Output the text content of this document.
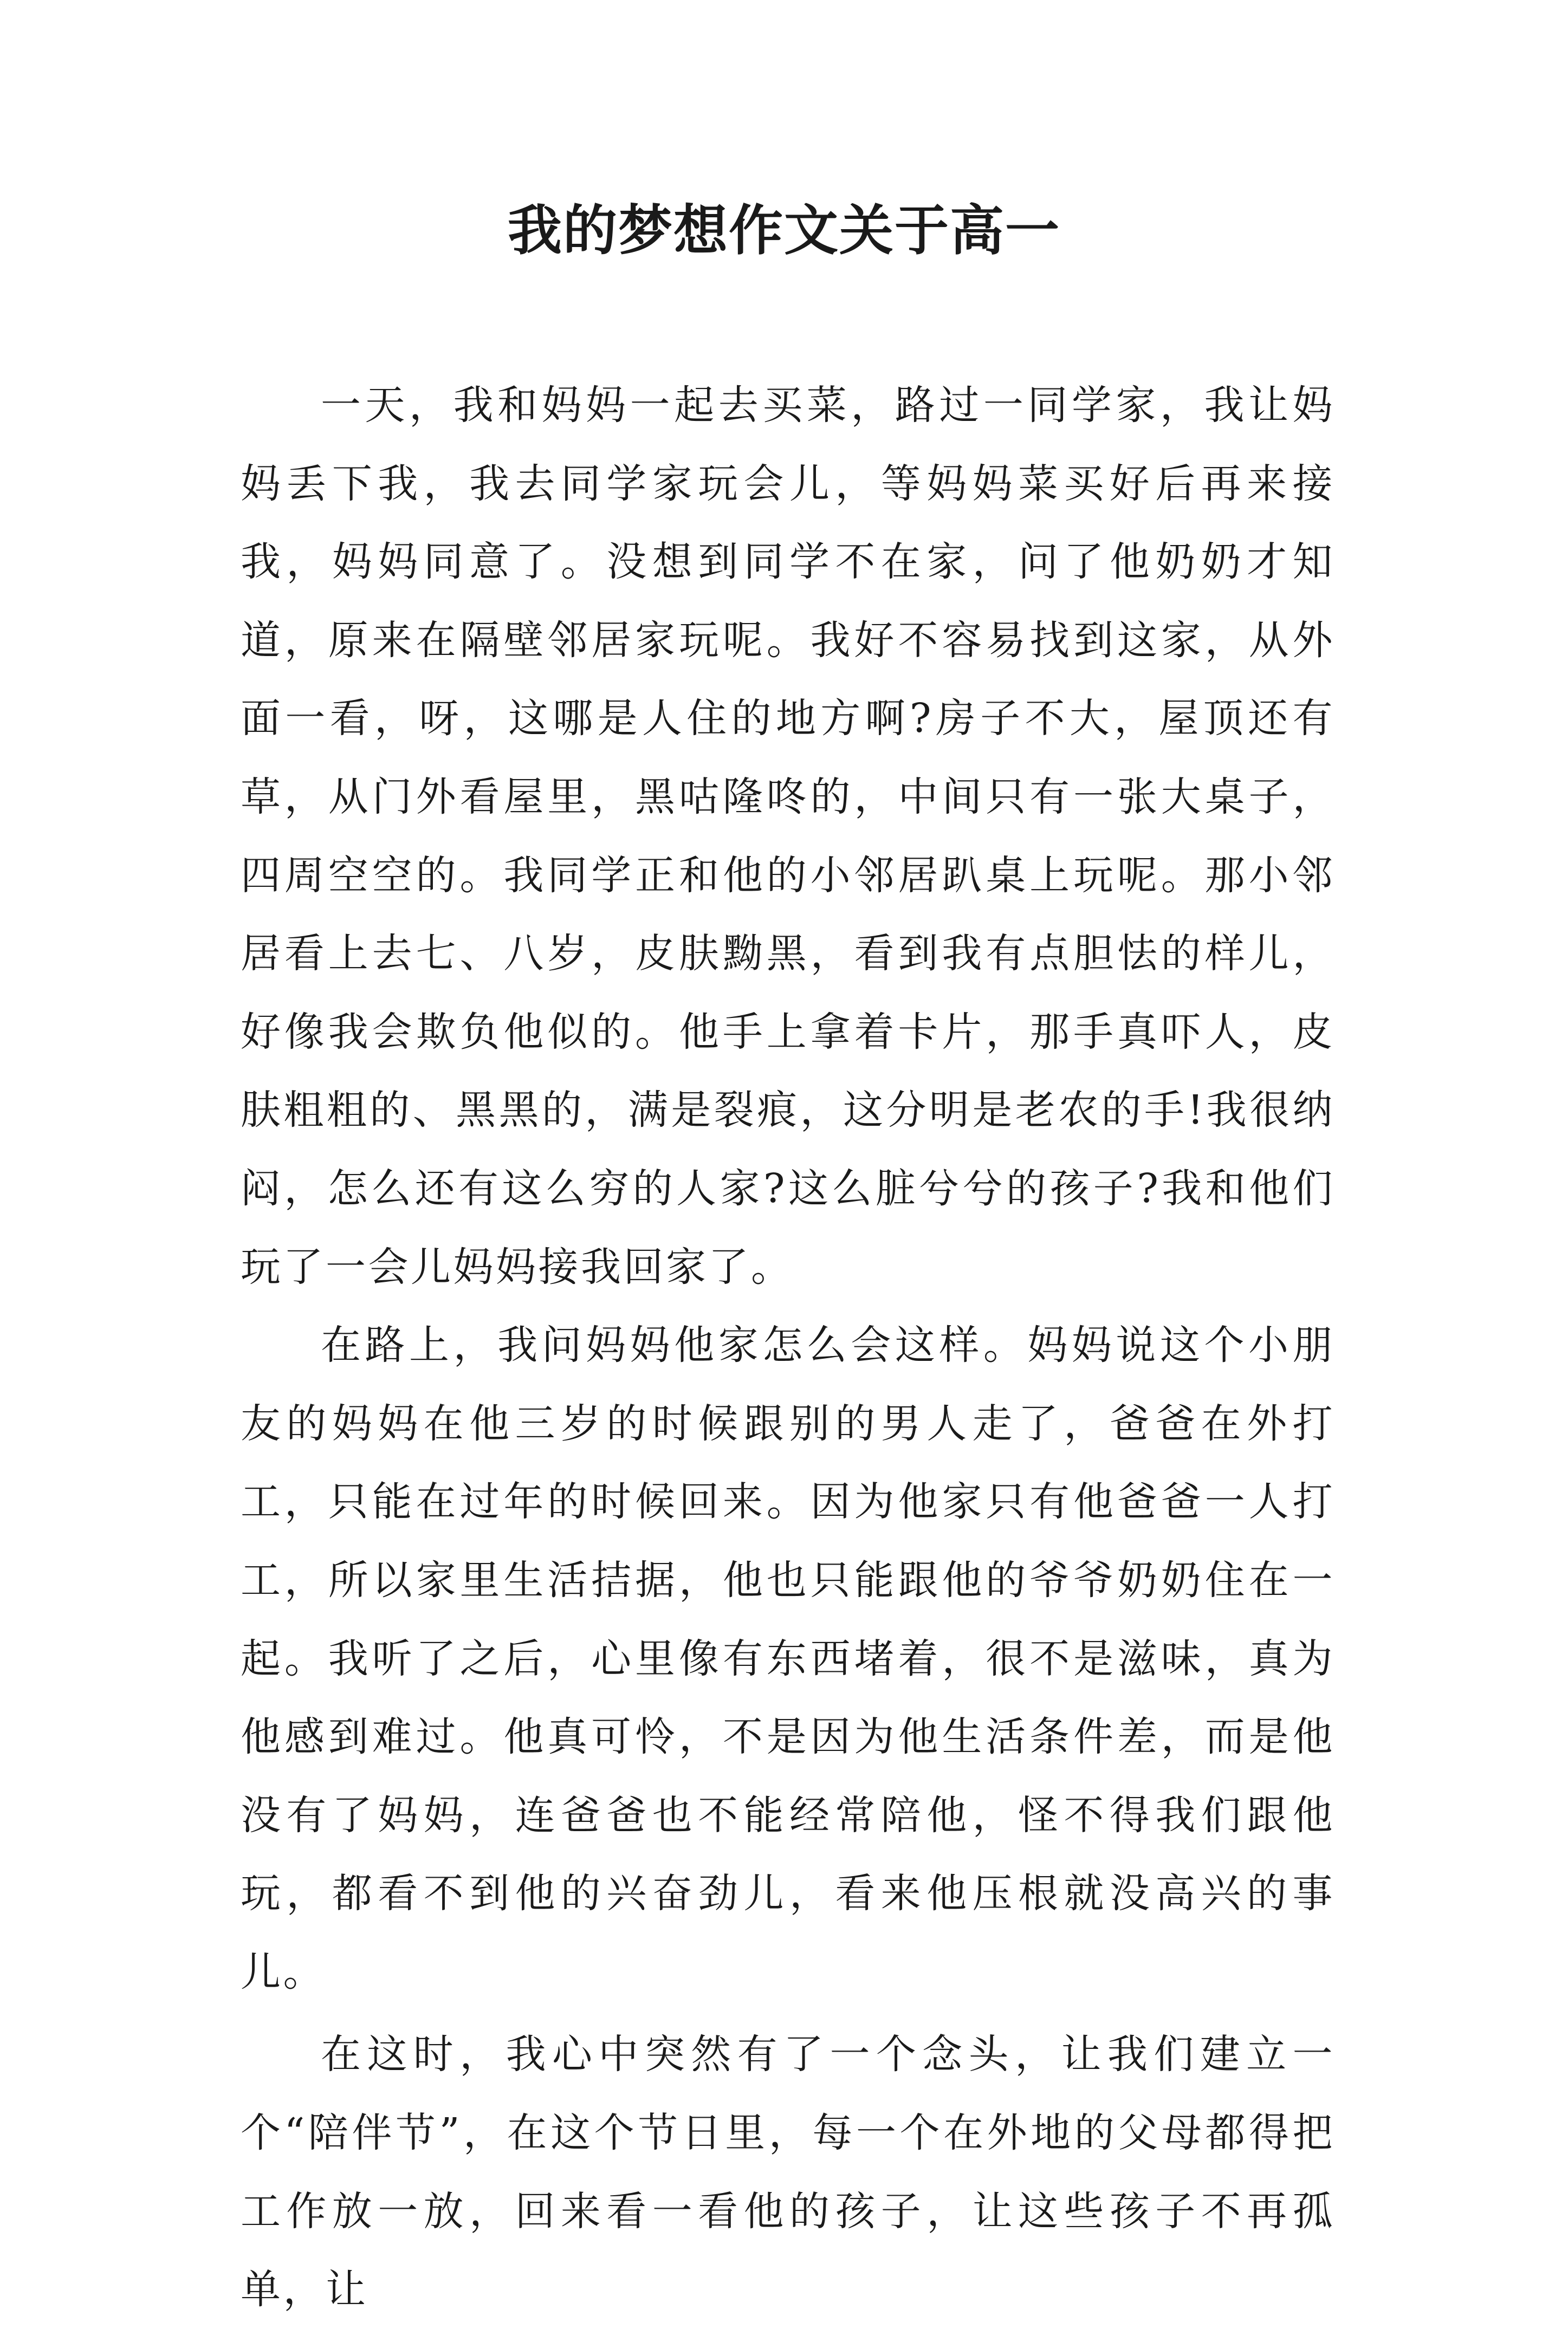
我的梦想作文关于高一

一天，我和妈妈一起去买菜，路过一同学家，我让妈妈丢下我，我去同学家玩会儿，等妈妈菜买好后再来接我，妈妈同意了。没想到同学不在家，问了他奶奶才知道，原来在隔壁邻居家玩呢。我好不容易找到这家，从外面一看，呀，这哪是人住的地方啊?房子不大，屋顶还有草，从门外看屋里，黑咕隆咚的，中间只有一张大桌子，四周空空的。我同学正和他的小邻居趴桌上玩呢。那小邻居看上去七、八岁，皮肤黝黑，看到我有点胆怯的样儿，好像我会欺负他似的。他手上拿着卡片，那手真吓人，皮肤粗粗的、黑黑的，满是裂痕，这分明是老农的手!我很纳闷，怎么还有这么穷的人家?这么脏兮兮的孩子?我和他们玩了一会儿妈妈接我回家了。

在路上，我问妈妈他家怎么会这样。妈妈说这个小朋友的妈妈在他三岁的时候跟别的男人走了，爸爸在外打工，只能在过年的时候回来。因为他家只有他爸爸一人打工，所以家里生活拮据，他也只能跟他的爷爷奶奶住在一起。我听了之后，心里像有东西堵着，很不是滋味，真为他感到难过。他真可怜，不是因为他生活条件差，而是他没有了妈妈，连爸爸也不能经常陪他，怪不得我们跟他玩，都看不到他的兴奋劲儿，看来他压根就没高兴的事儿。

在这时，我心中突然有了一个念头，让我们建立一个“陪伴节”，在这个节日里，每一个在外地的父母都得把工作放一放，回来看一看他的孩子，让这些孩子不再孤单，让
